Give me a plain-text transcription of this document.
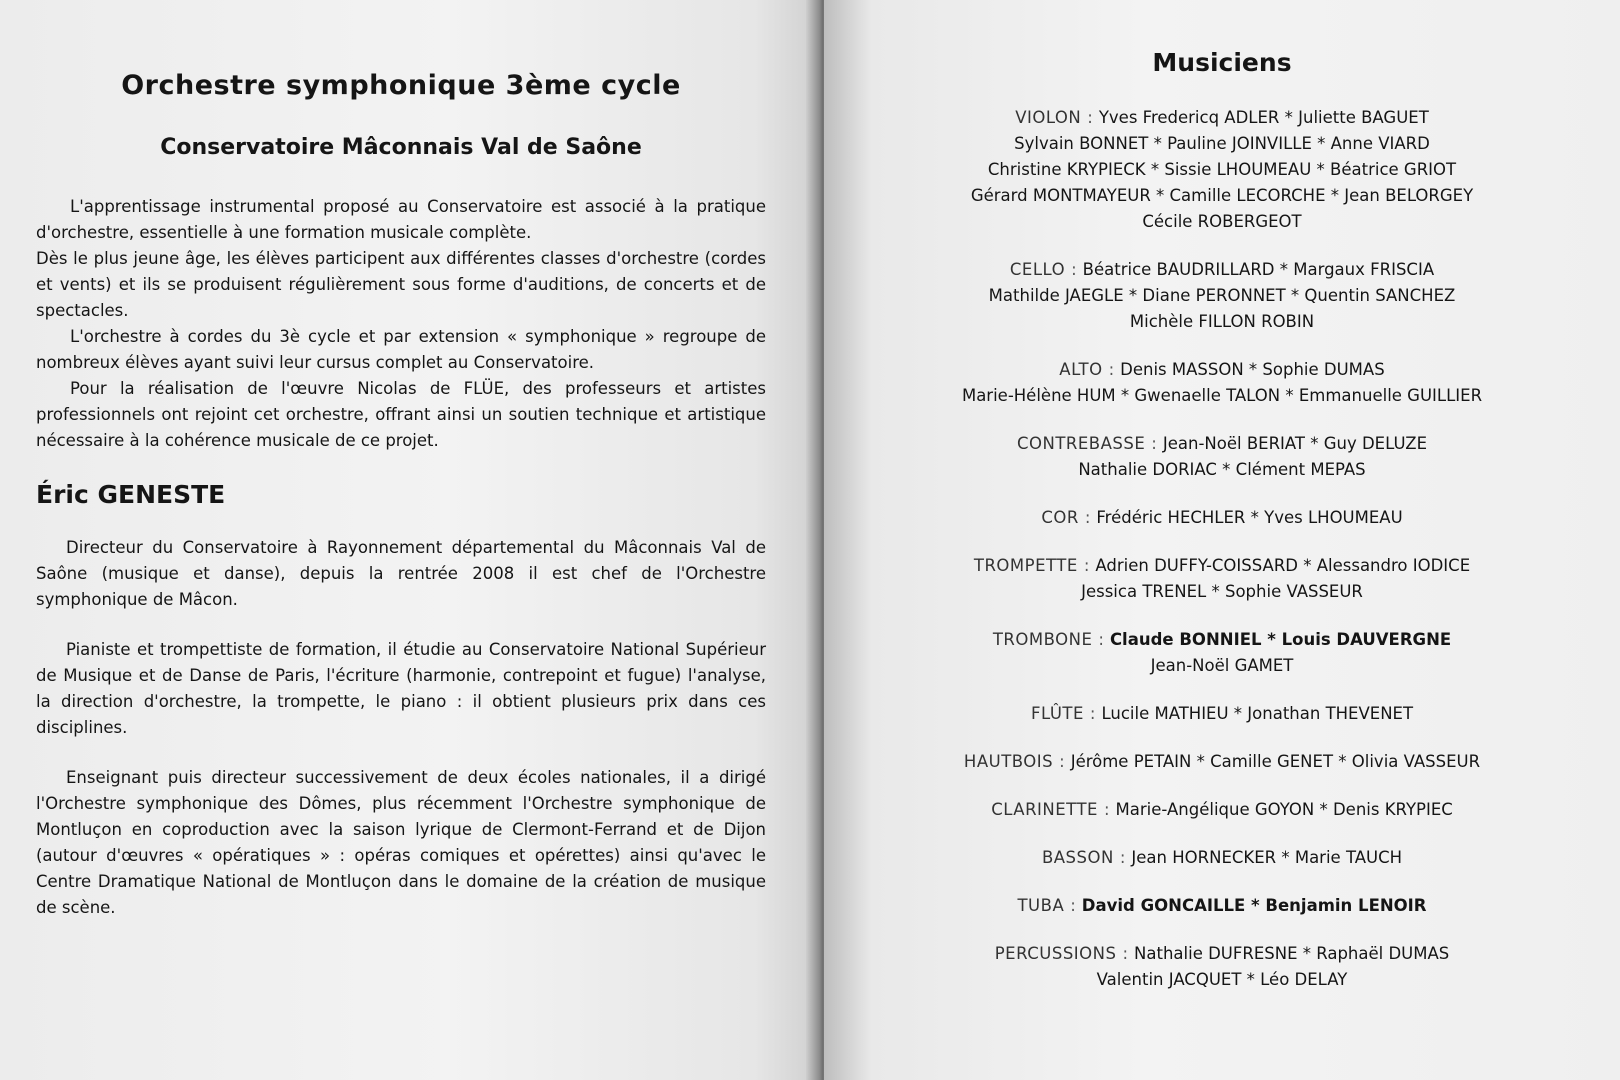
Orchestre symphonique 3ème cycle
Conservatoire Mâconnais Val de Saône

L'apprentissage instrumental proposé au Conservatoire est associé à la pratique d'orchestre, essentielle à une formation musicale complète.

Dès le plus jeune âge, les élèves participent aux différentes classes d'orchestre (cordes et vents) et ils se produisent régulièrement sous forme d'auditions, de concerts et de spectacles.

L'orchestre à cordes du 3è cycle et par extension « symphonique » regroupe de nombreux élèves ayant suivi leur cursus complet au Conservatoire.

Pour la réalisation de l'œuvre Nicolas de FLÜE, des professeurs et artistes professionnels ont rejoint cet orchestre, offrant ainsi un soutien technique et artistique nécessaire à la cohérence musicale de ce projet.

Éric GENESTE

Directeur du Conservatoire à Rayonnement départemental du Mâconnais Val de Saône (musique et danse), depuis la rentrée 2008 il est chef de l'Orchestre symphonique de Mâcon.

Pianiste et trompettiste de formation, il étudie au Conservatoire National Supérieur de Musique et de Danse de Paris, l'écriture (harmonie, contrepoint et fugue) l'analyse, la direction d'orchestre, la trompette, le piano : il obtient plusieurs prix dans ces disciplines.

Enseignant puis directeur successivement de deux écoles nationales, il a dirigé l'Orchestre symphonique des Dômes, plus récemment l'Orchestre symphonique de Montluçon en coproduction avec la saison lyrique de Clermont-Ferrand et de Dijon (autour d'œuvres « opératiques » : opéras comiques et opérettes) ainsi qu'avec le Centre Dramatique National de Montluçon dans le domaine de la création de musique de scène.

Musiciens
VIOLON : Yves Fredericq ADLER * Juliette BAGUET
Sylvain BONNET * Pauline JOINVILLE * Anne VIARD
Christine KRYPIECK * Sissie LHOUMEAU * Béatrice GRIOT
Gérard MONTMAYEUR * Camille LECORCHE * Jean BELORGEY
Cécile ROBERGEOT
CELLO : Béatrice BAUDRILLARD * Margaux FRISCIA
Mathilde JAEGLE * Diane PERONNET * Quentin SANCHEZ
Michèle FILLON ROBIN
ALTO : Denis MASSON * Sophie DUMAS
Marie-Hélène HUM * Gwenaelle TALON * Emmanuelle GUILLIER
CONTREBASSE : Jean-Noël BERIAT * Guy DELUZE
Nathalie DORIAC * Clément MEPAS
COR : Frédéric HECHLER * Yves LHOUMEAU
TROMPETTE : Adrien DUFFY-COISSARD * Alessandro IODICE
Jessica TRENEL * Sophie VASSEUR
TROMBONE : Claude BONNIEL * Louis DAUVERGNE
Jean-Noël GAMET
FLÛTE : Lucile MATHIEU * Jonathan THEVENET
HAUTBOIS : Jérôme PETAIN * Camille GENET * Olivia VASSEUR
CLARINETTE : Marie-Angélique GOYON * Denis KRYPIEC
BASSON : Jean HORNECKER * Marie TAUCH
TUBA : David GONCAILLE * Benjamin LENOIR
PERCUSSIONS : Nathalie DUFRESNE * Raphaël DUMAS
Valentin JACQUET * Léo DELAY
